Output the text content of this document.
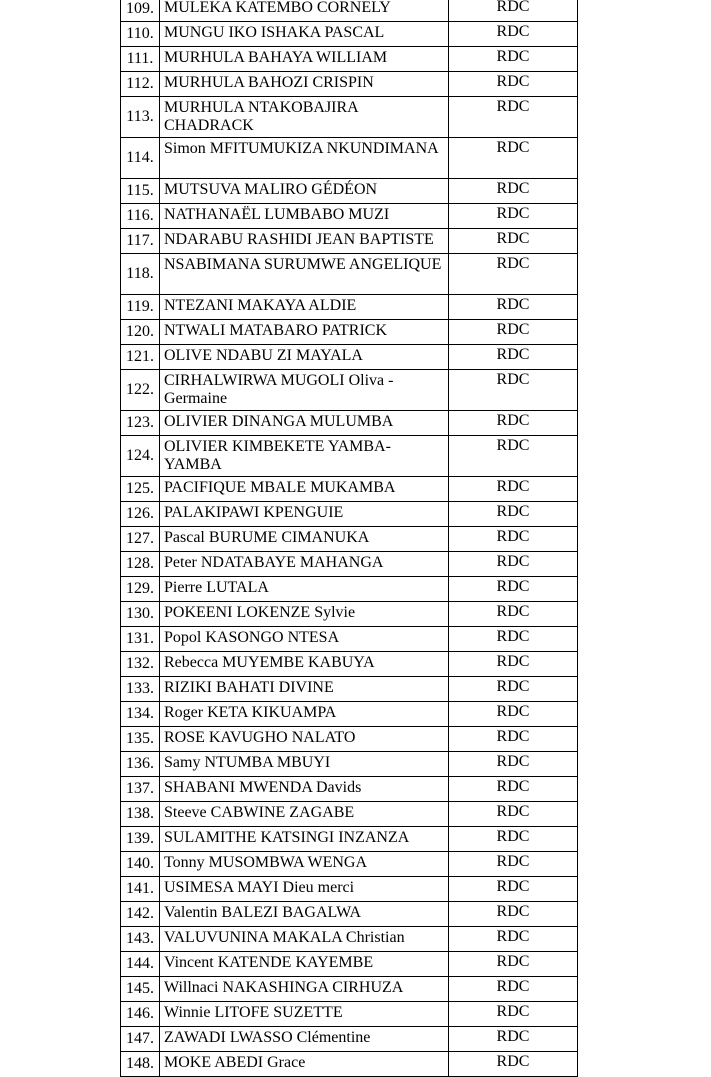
109.	MULEKA KATEMBO CORNELY	RDC
110.	MUNGU IKO ISHAKA PASCAL	RDC
111.	MURHULA BAHAYA WILLIAM	RDC
112.	MURHULA BAHOZI CRISPIN	RDC
113.	MURHULA NTAKOBAJIRA CHADRACK	RDC
114.	Simon MFITUMUKIZA NKUNDIMANA	RDC
115.	MUTSUVA MALIRO GÉDÉON	RDC
116.	NATHANAËL LUMBABO MUZI	RDC
117.	NDARABU RASHIDI JEAN BAPTISTE	RDC
118.	NSABIMANA SURUMWE ANGELIQUE	RDC
119.	NTEZANI MAKAYA ALDIE	RDC
120.	NTWALI MATABARO PATRICK	RDC
121.	OLIVE NDABU ZI MAYALA	RDC
122.	CIRHALWIRWA MUGOLI Oliva - Germaine	RDC
123.	OLIVIER DINANGA MULUMBA	RDC
124.	OLIVIER KIMBEKETE YAMBA-YAMBA	RDC
125.	PACIFIQUE MBALE MUKAMBA	RDC
126.	PALAKIPAWI KPENGUIE	RDC
127.	Pascal BURUME CIMANUKA	RDC
128.	Peter NDATABAYE MAHANGA	RDC
129.	Pierre LUTALA	RDC
130.	POKEENI LOKENZE Sylvie	RDC
131.	Popol KASONGO NTESA	RDC
132.	Rebecca MUYEMBE KABUYA	RDC
133.	RIZIKI BAHATI DIVINE	RDC
134.	Roger KETA KIKUAMPA	RDC
135.	ROSE KAVUGHO NALATO	RDC
136.	Samy NTUMBA MBUYI	RDC
137.	SHABANI MWENDA Davids	RDC
138.	Steeve CABWINE ZAGABE	RDC
139.	SULAMITHE KATSINGI INZANZA	RDC
140.	Tonny MUSOMBWA WENGA	RDC
141.	USIMESA MAYI Dieu merci	RDC
142.	Valentin BALEZI BAGALWA	RDC
143.	VALUVUNINA MAKALA Christian	RDC
144.	Vincent KATENDE KAYEMBE	RDC
145.	Willnaci NAKASHINGA CIRHUZA	RDC
146.	Winnie LITOFE SUZETTE	RDC
147.	ZAWADI LWASSO Clémentine	RDC
148.	MOKE ABEDI Grace	RDC
